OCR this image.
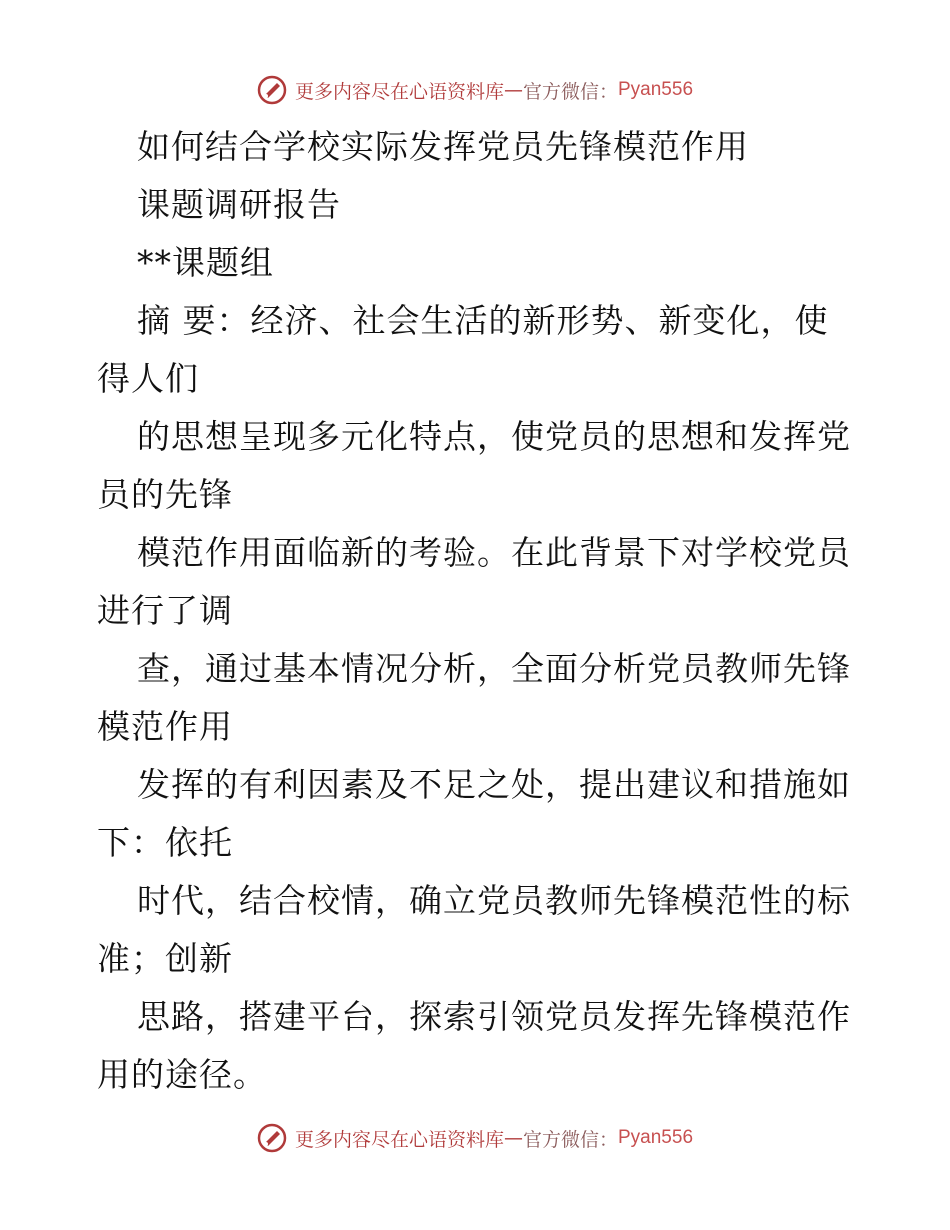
更多内容尽在心语资料库 — 官方微信： Pyan556
如何结合学校实际发挥党员先锋模范作用
课题调研报告
**课题组
摘 要：经济、社会生活的新形势、新变化，使
得人们
的思想呈现多元化特点，使党员的思想和发挥党
员的先锋
模范作用面临新的考验。在此背景下对学校党员
进行了调
查，通过基本情况分析，全面分析党员教师先锋
模范作用
发挥的有利因素及不足之处，提出建议和措施如
下：依托
时代，结合校情，确立党员教师先锋模范性的标
准；创新
思路，搭建平台，探索引领党员发挥先锋模范作
用的途径。
更多内容尽在心语资料库 — 官方微信： Pyan556
